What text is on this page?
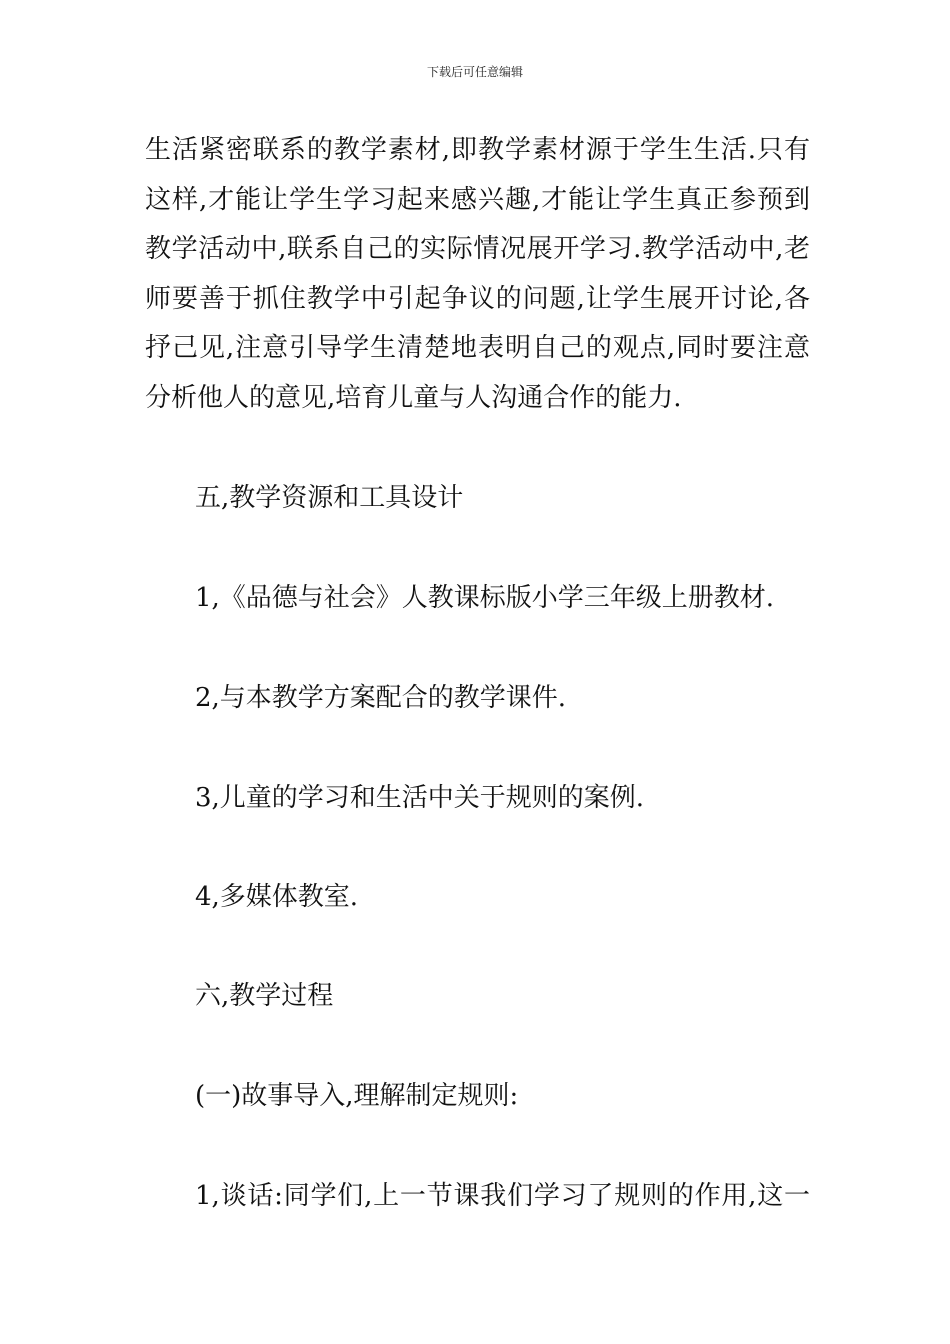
下载后可任意编辑
生活紧密联系的教学素材,即教学素材源于学生生活.只有
这样,才能让学生学习起来感兴趣,才能让学生真正参预到
教学活动中,联系自己的实际情况展开学习.教学活动中,老
师要善于抓住教学中引起争议的问题,让学生展开讨论,各
抒己见,注意引导学生清楚地表明自己的观点,同时要注意
分析他人的意见,培育儿童与人沟通合作的能力.

五,教学资源和工具设计

1,《品德与社会》人教课标版小学三年级上册教材.

2,与本教学方案配合的教学课件.

3,儿童的学习和生活中关于规则的案例.

4,多媒体教室.

六,教学过程

(一)故事导入,理解制定规则:

1,谈话:同学们,上一节课我们学习了规则的作用,这一
